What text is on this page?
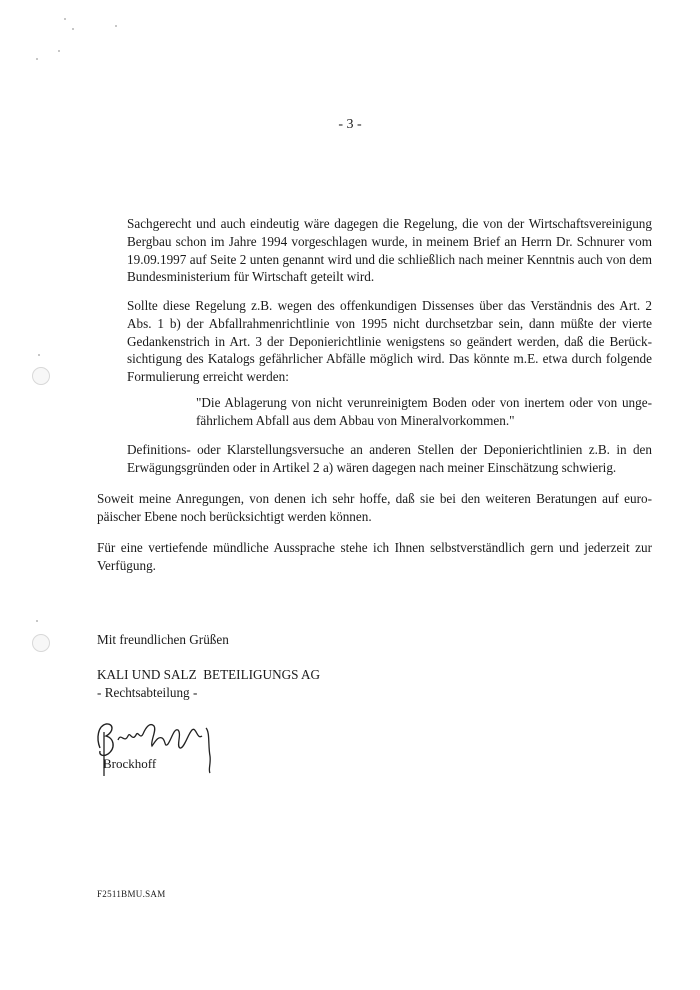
- 3 -

Sachgerecht und auch eindeutig wäre dagegen die Regelung, die von der Wirtschaftsvereinigung Bergbau schon im Jahre 1994 vorgeschlagen wurde, in meinem Brief an Herrn Dr. Schnurer vom 19.09.1997 auf Seite 2 unten genannt wird und die schließlich nach meiner Kenntnis auch von dem Bundesministerium für Wirtschaft geteilt wird.

Sollte diese Regelung z.B. wegen des offenkundigen Dissenses über das Verständnis des Art. 2 Abs. 1 b) der Abfallrahmenrichtlinie von 1995 nicht durchsetzbar sein, dann müßte der vierte Gedankenstrich in Art. 3 der Deponierichtlinie wenigstens so geändert werden, daß die Berücksichtigung des Katalogs gefährlicher Abfälle möglich wird. Das könnte m.E. etwa durch folgende Formulierung erreicht werden:

"Die Ablagerung von nicht verunreinigtem Boden oder von inertem oder von ungefährlichem Abfall aus dem Abbau von Mineralvorkommen."

Definitions- oder Klarstellungsversuche an anderen Stellen der Deponierichtlinien z.B. in den Erwägungsgründen oder in Artikel 2 a) wären dagegen nach meiner Einschätzung schwierig.

Soweit meine Anregungen, von denen ich sehr hoffe, daß sie bei den weiteren Beratungen auf europäischer Ebene noch berücksichtigt werden können.

Für eine vertiefende mündliche Aussprache stehe ich Ihnen selbstverständlich gern und jederzeit zur Verfügung.

Mit freundlichen Grüßen

KALI UND SALZ  BETEILIGUNGS AG

- Rechtsabteilung -

Brockhoff
F2511BMU.SAM
